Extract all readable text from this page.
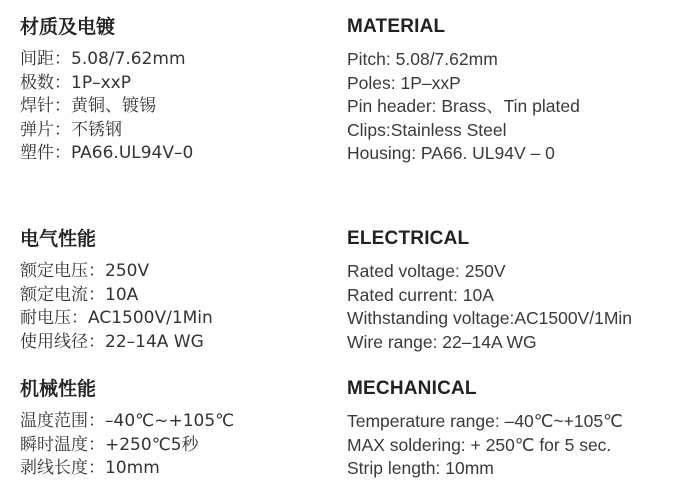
材质及电镀
间距：5.08/7.62mm
极数：1P–xxP
焊针：黄铜、镀锡
弹片：不锈钢
塑件：PA66.UL94V–0
电气性能
额定电压：250V
额定电流：10A
耐电压：AC1500V/1Min
使用线径：22–14A WG
机械性能
温度范围：–40℃~+105℃
瞬时温度：+250℃5秒
剥线长度：10mm
MATERIAL
Pitch: 5.08/7.62mm
Poles: 1P–xxP
Pin header: Brass、Tin plated
Clips:Stainless Steel
Housing: PA66. UL94V – 0
ELECTRICAL
Rated voltage: 250V
Rated current: 10A
Withstanding voltage:AC1500V/1Min
Wire range: 22–14A WG
MECHANICAL
Temperature range: –40℃~+105℃
MAX soldering: + 250℃ for 5 sec.
Strip length: 10mm
